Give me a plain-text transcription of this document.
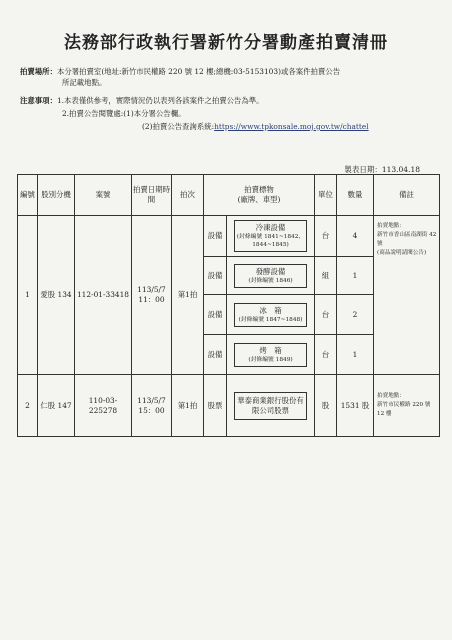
法務部行政執行署新竹分署動產拍賣清冊
拍賣場所：本分署拍賣室(地址:新竹市民權路 220 號 12 樓;總機:03-5153103)或各案件拍賣公告
所記載地點。
注意事項：1.本表僅供參考，實際情況仍以表列各該案件之拍賣公告為準。
2.拍賣公告閱覽處:(1)本分署公告欄。
(2)拍賣公告查詢系統:https://www.tpkonsale.moj.gov.tw/chattel
製表日期：113.04.18
編號	股別分機	案號	拍賣日期時間	拍次	拍賣標物
(廠牌、車型)		單位	數量	備註
1	愛股 134	112-01-33418	113/5/7
11：00	第1拍	設備	冷凍設備
(封條編號 1841~1842、
1844~1845)	台	4	拍賣地點：
新竹市香山區南湖街 42 號
(商品說明請閱公告)
					設備	發酵設備
(封條編號 1846)	組	1	
					設備	冰　箱
(封條編號 1847~1848)	台	2	
					設備	烤　箱
(封條編號 1849)	台	1	
2	仁股 147	110-03-225278	113/5/7
15：00	第1拍	股票	華泰商業銀行股份有限公司股票	股	1531 股	拍賣地點：
新竹市民權路 220 號 12 樓
